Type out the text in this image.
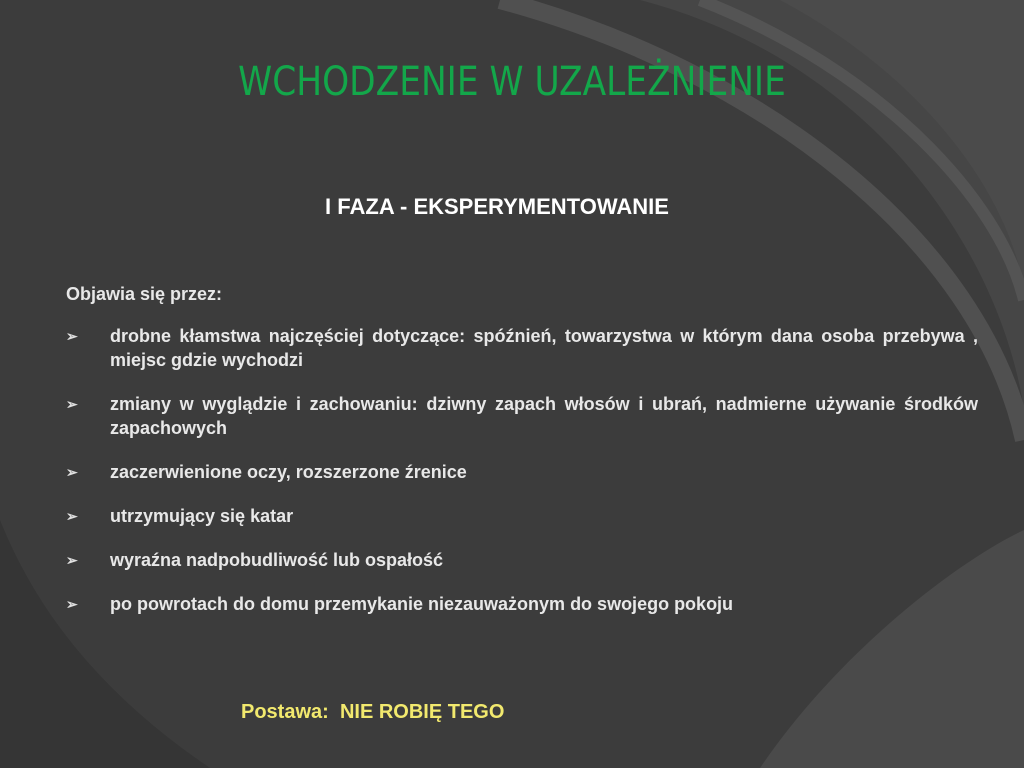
WCHODZENIE W UZALEŻNIENIE
I FAZA - EKSPERYMENTOWANIE
Objawia się przez:
➢ drobne kłamstwa najczęściej dotyczące: spóźnień, towarzystwa w którym dana osoba przebywa , miejsc gdzie wychodzi
➢ zmiany w wyglądzie i zachowaniu: dziwny zapach włosów i ubrań, nadmierne używanie środków zapachowych
➢ zaczerwienione oczy, rozszerzone źrenice
➢ utrzymujący się katar
➢ wyraźna nadpobudliwość lub ospałość
➢ po powrotach do domu przemykanie niezauważonym do swojego pokoju
Postawa: NIE ROBIĘ TEGO
